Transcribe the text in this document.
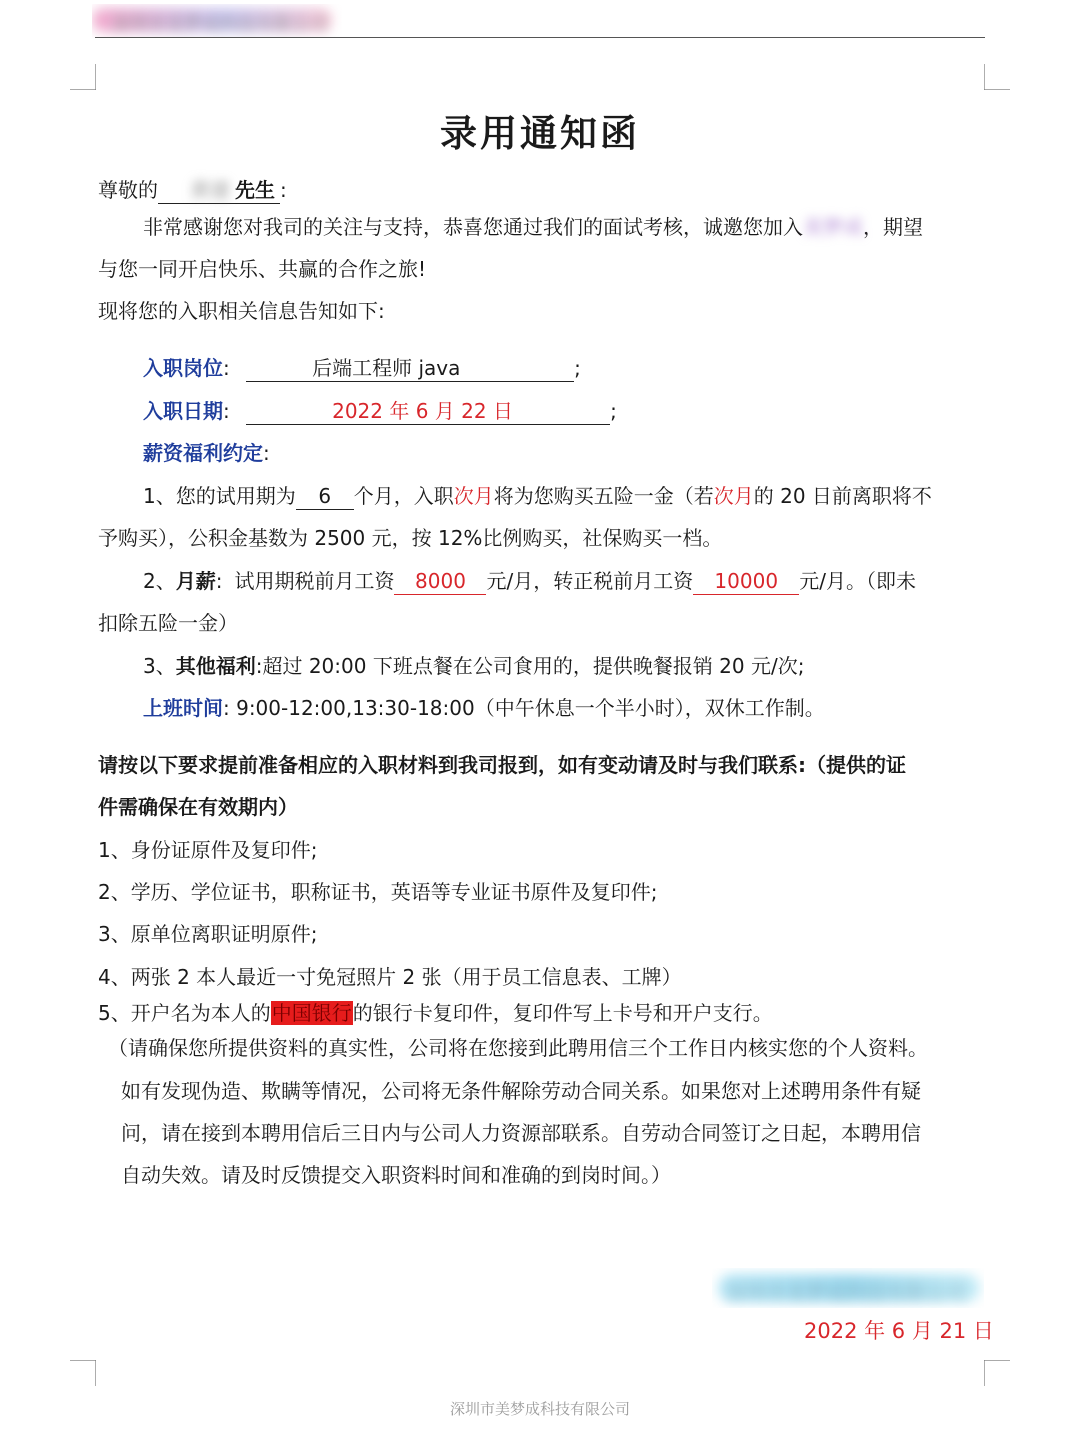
深圳市美梦成科技有限公司
录用通知函
尊敬的 黄建 先生 :
非常感谢您对我司的关注与支持，恭喜您通过我们的面试考核，诚邀您加入美梦成，期望
与您一同开启快乐、共赢的合作之旅!
现将您的入职相关信息告知如下:
入职岗位:	后端工程师 java	;
入职日期:	2022 年 6 月 22 日	;
薪资福利约定:
1、您的试用期为 6 个月，入职次月将为您购买五险一金（若次月的 20 日前离职将不
予购买），公积金基数为 2500 元，按 12%比例购买，社保购买一档。
2、月薪: 试用期税前月工资 8000 元/月，转正税前月工资 10000 元/月。（即未
扣除五险一金）
3、其他福利:超过 20:00 下班点餐在公司食用的，提供晚餐报销 20 元/次;
上班时间: 9:00-12:00,13:30-18:00（中午休息一个半小时），双休工作制。
请按以下要求提前准备相应的入职材料到我司报到，如有变动请及时与我们联系:（提供的证
件需确保在有效期内）
1、身份证原件及复印件;
2、学历、学位证书，职称证书，英语等专业证书原件及复印件;
3、原单位离职证明原件;
4、两张 2 本人最近一寸免冠照片 2 张（用于员工信息表、工牌）
5、开户名为本人的中国银行的银行卡复印件，复印件写上卡号和开户支行。
（请确保您所提供资料的真实性，公司将在您接到此聘用信三个工作日内核实您的个人资料。
如有发现伪造、欺瞒等情况，公司将无条件解除劳动合同关系。如果您对上述聘用条件有疑
问，请在接到本聘用信后三日内与公司人力资源部联系。自劳动合同签订之日起，本聘用信
自动失效。请及时反馈提交入职资料时间和准确的到岗时间。）
深圳市美梦成科技有限公司
2022 年 6 月 21 日
深圳市美梦成科技有限公司
